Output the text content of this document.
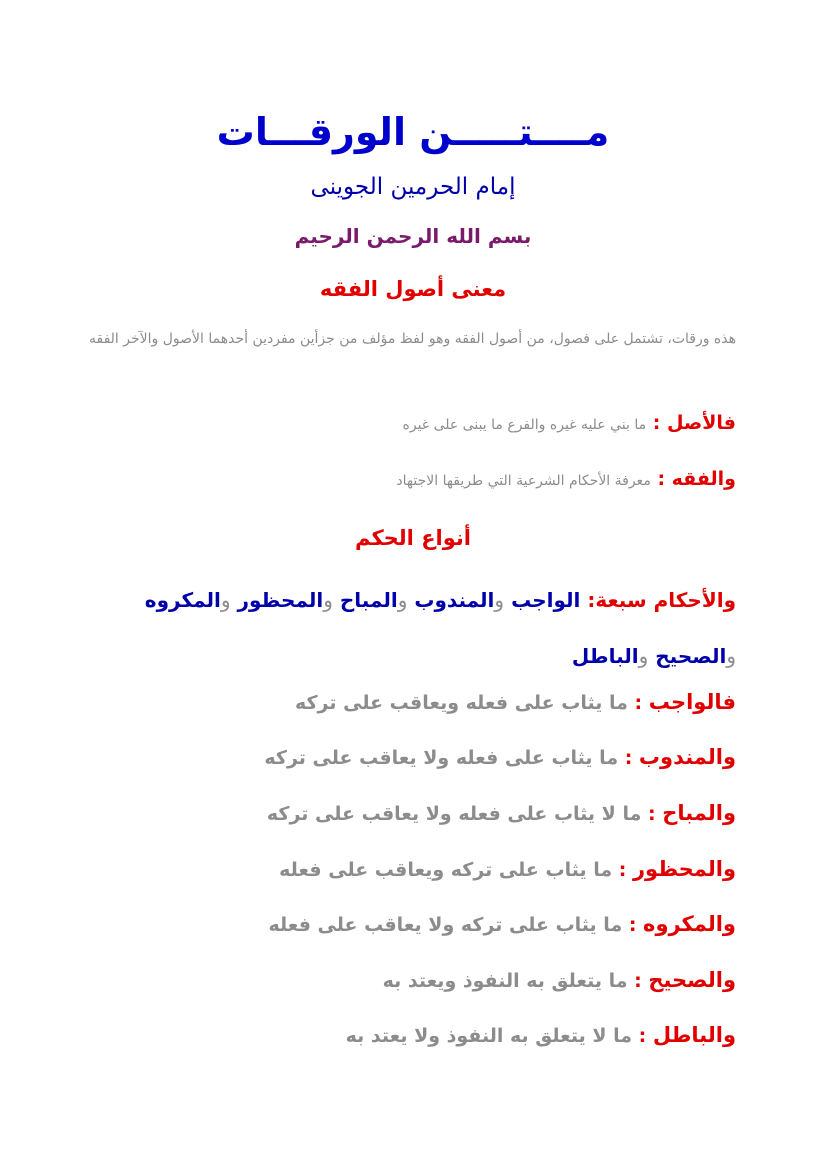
مــــتـــــن الورقـــات
إمام الحرمين الجوينى
بسم الله الرحمن الرحيم
معنى أصول الفقه
هذه ورقات، تشتمل على فصول، من أصول الفقه وهو لفظ مؤلف من جزأين مفردين أحدهما الأصول والآخر الفقه
فالأصل : ما بني عليه غيره والفرع ما يبنى على غيره
والفقه : معرفة الأحكام الشرعية التي طريقها الاجتهاد
أنواع الحكم
والأحكام سبعة: الواجب والمندوب والمباح والمحظور والمكروه والصحيح والباطل
فالواجب : ما يثاب على فعله ويعاقب على تركه
والمندوب : ما يثاب على فعله ولا يعاقب على تركه
والمباح : ما لا يثاب على فعله ولا يعاقب على تركه
والمحظور : ما يثاب على تركه ويعاقب على فعله
والمكروه : ما يثاب على تركه ولا يعاقب على فعله
والصحيح : ما يتعلق به النفوذ ويعتد به
والباطل : ما لا يتعلق به النفوذ ولا يعتد به
